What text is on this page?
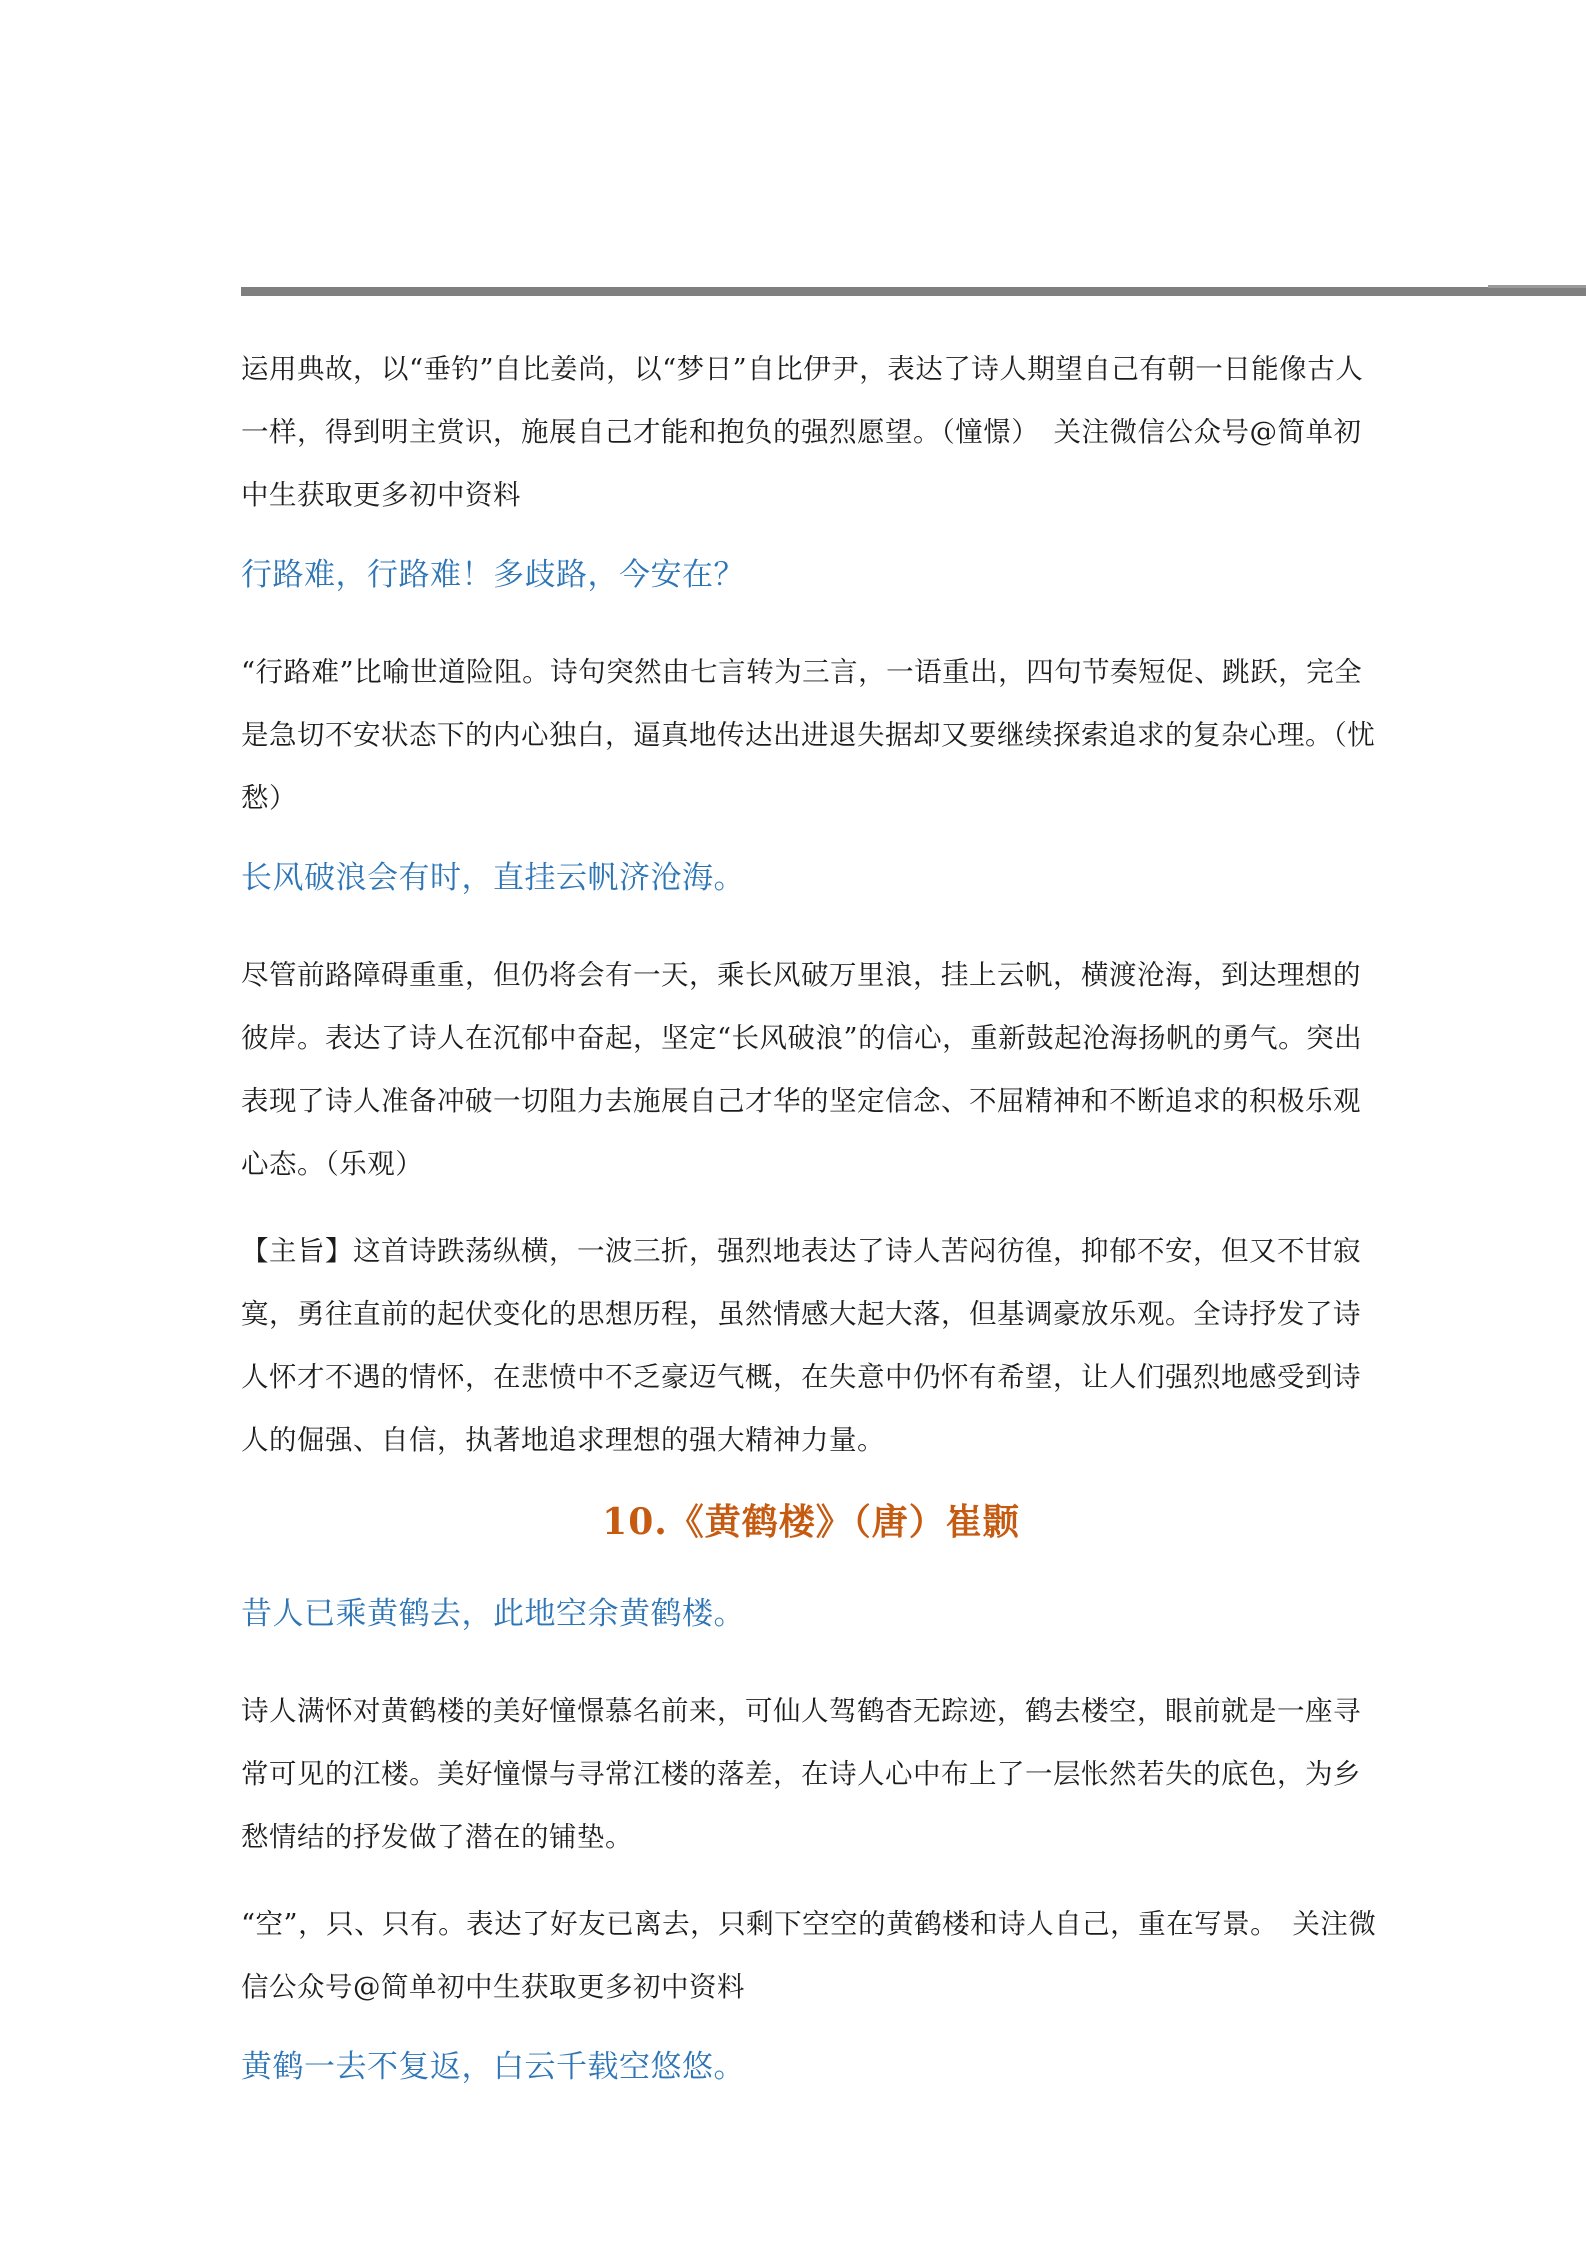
运用典故，以“垂钓”自比姜尚，以“梦日”自比伊尹，表达了诗人期望自己有朝一日能像古人一样，得到明主赏识，施展自己才能和抱负的强烈愿望。（憧憬）　关注微信公众号@简单初中生获取更多初中资料

行路难，行路难！多歧路，今安在？

“行路难”比喻世道险阻。诗句突然由七言转为三言，一语重出，四句节奏短促、跳跃，完全是急切不安状态下的内心独白，逼真地传达出进退失据却又要继续探索追求的复杂心理。（忧愁）

长风破浪会有时，直挂云帆济沧海。

尽管前路障碍重重，但仍将会有一天，乘长风破万里浪，挂上云帆，横渡沧海，到达理想的彼岸。表达了诗人在沉郁中奋起，坚定“长风破浪”的信心，重新鼓起沧海扬帆的勇气。突出表现了诗人准备冲破一切阻力去施展自己才华的坚定信念、不屈精神和不断追求的积极乐观心态。（乐观）

【主旨】这首诗跌荡纵横，一波三折，强烈地表达了诗人苦闷彷徨，抑郁不安，但又不甘寂寞，勇往直前的起伏变化的思想历程，虽然情感大起大落，但基调豪放乐观。全诗抒发了诗人怀才不遇的情怀，在悲愤中不乏豪迈气概，在失意中仍怀有希望，让人们强烈地感受到诗人的倔强、自信，执著地追求理想的强大精神力量。

10.《黄鹤楼》（唐）崔颢

昔人已乘黄鹤去，此地空余黄鹤楼。

诗人满怀对黄鹤楼的美好憧憬慕名前来，可仙人驾鹤杳无踪迹，鹤去楼空，眼前就是一座寻常可见的江楼。美好憧憬与寻常江楼的落差，在诗人心中布上了一层怅然若失的底色，为乡愁情结的抒发做了潜在的铺垫。

“空”，只、只有。表达了好友已离去，只剩下空空的黄鹤楼和诗人自己，重在写景。　关注微信公众号@简单初中生获取更多初中资料

黄鹤一去不复返，白云千载空悠悠。
